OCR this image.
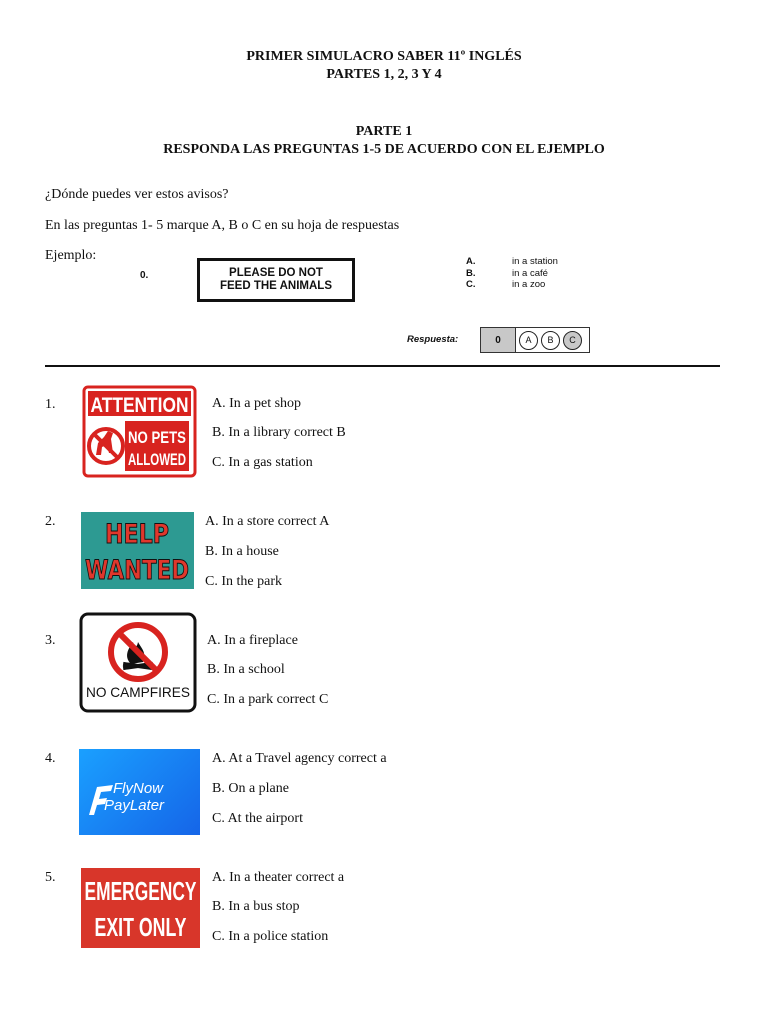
PRIMER SIMULACRO SABER 11º INGLÉS
PARTES 1, 2, 3 Y 4
PARTE 1
RESPONDA LAS PREGUNTAS 1-5 DE ACUERDO CON EL EJEMPLO
¿Dónde puedes ver estos avisos?
En las preguntas 1- 5 marque A, B o C en su hoja de respuestas
Ejemplo:
0.	PLEASE DO NOT
FEED THE ANIMALS
A.	in a station
B.	in a café
C.	in a zoo
Respuesta:	0	A	B	C
1. ATTENTION
NO PETS
ALLOWED
A. In a pet shop
B. In a library correct B
C. In a gas station
2. HELP
WANTED
A. In a store correct A
B. In a house
C. In the park
3.
NO CAMPFIRES
A. In a fireplace
B. In a school
C. In a park correct C
4.
FlyNow
PayLater
A. At a Travel agency correct a
B. On a plane
C. At the airport
5. EMERGENCY
EXIT ONLY
A. In a theater correct a
B. In a bus stop
C. In a police station
